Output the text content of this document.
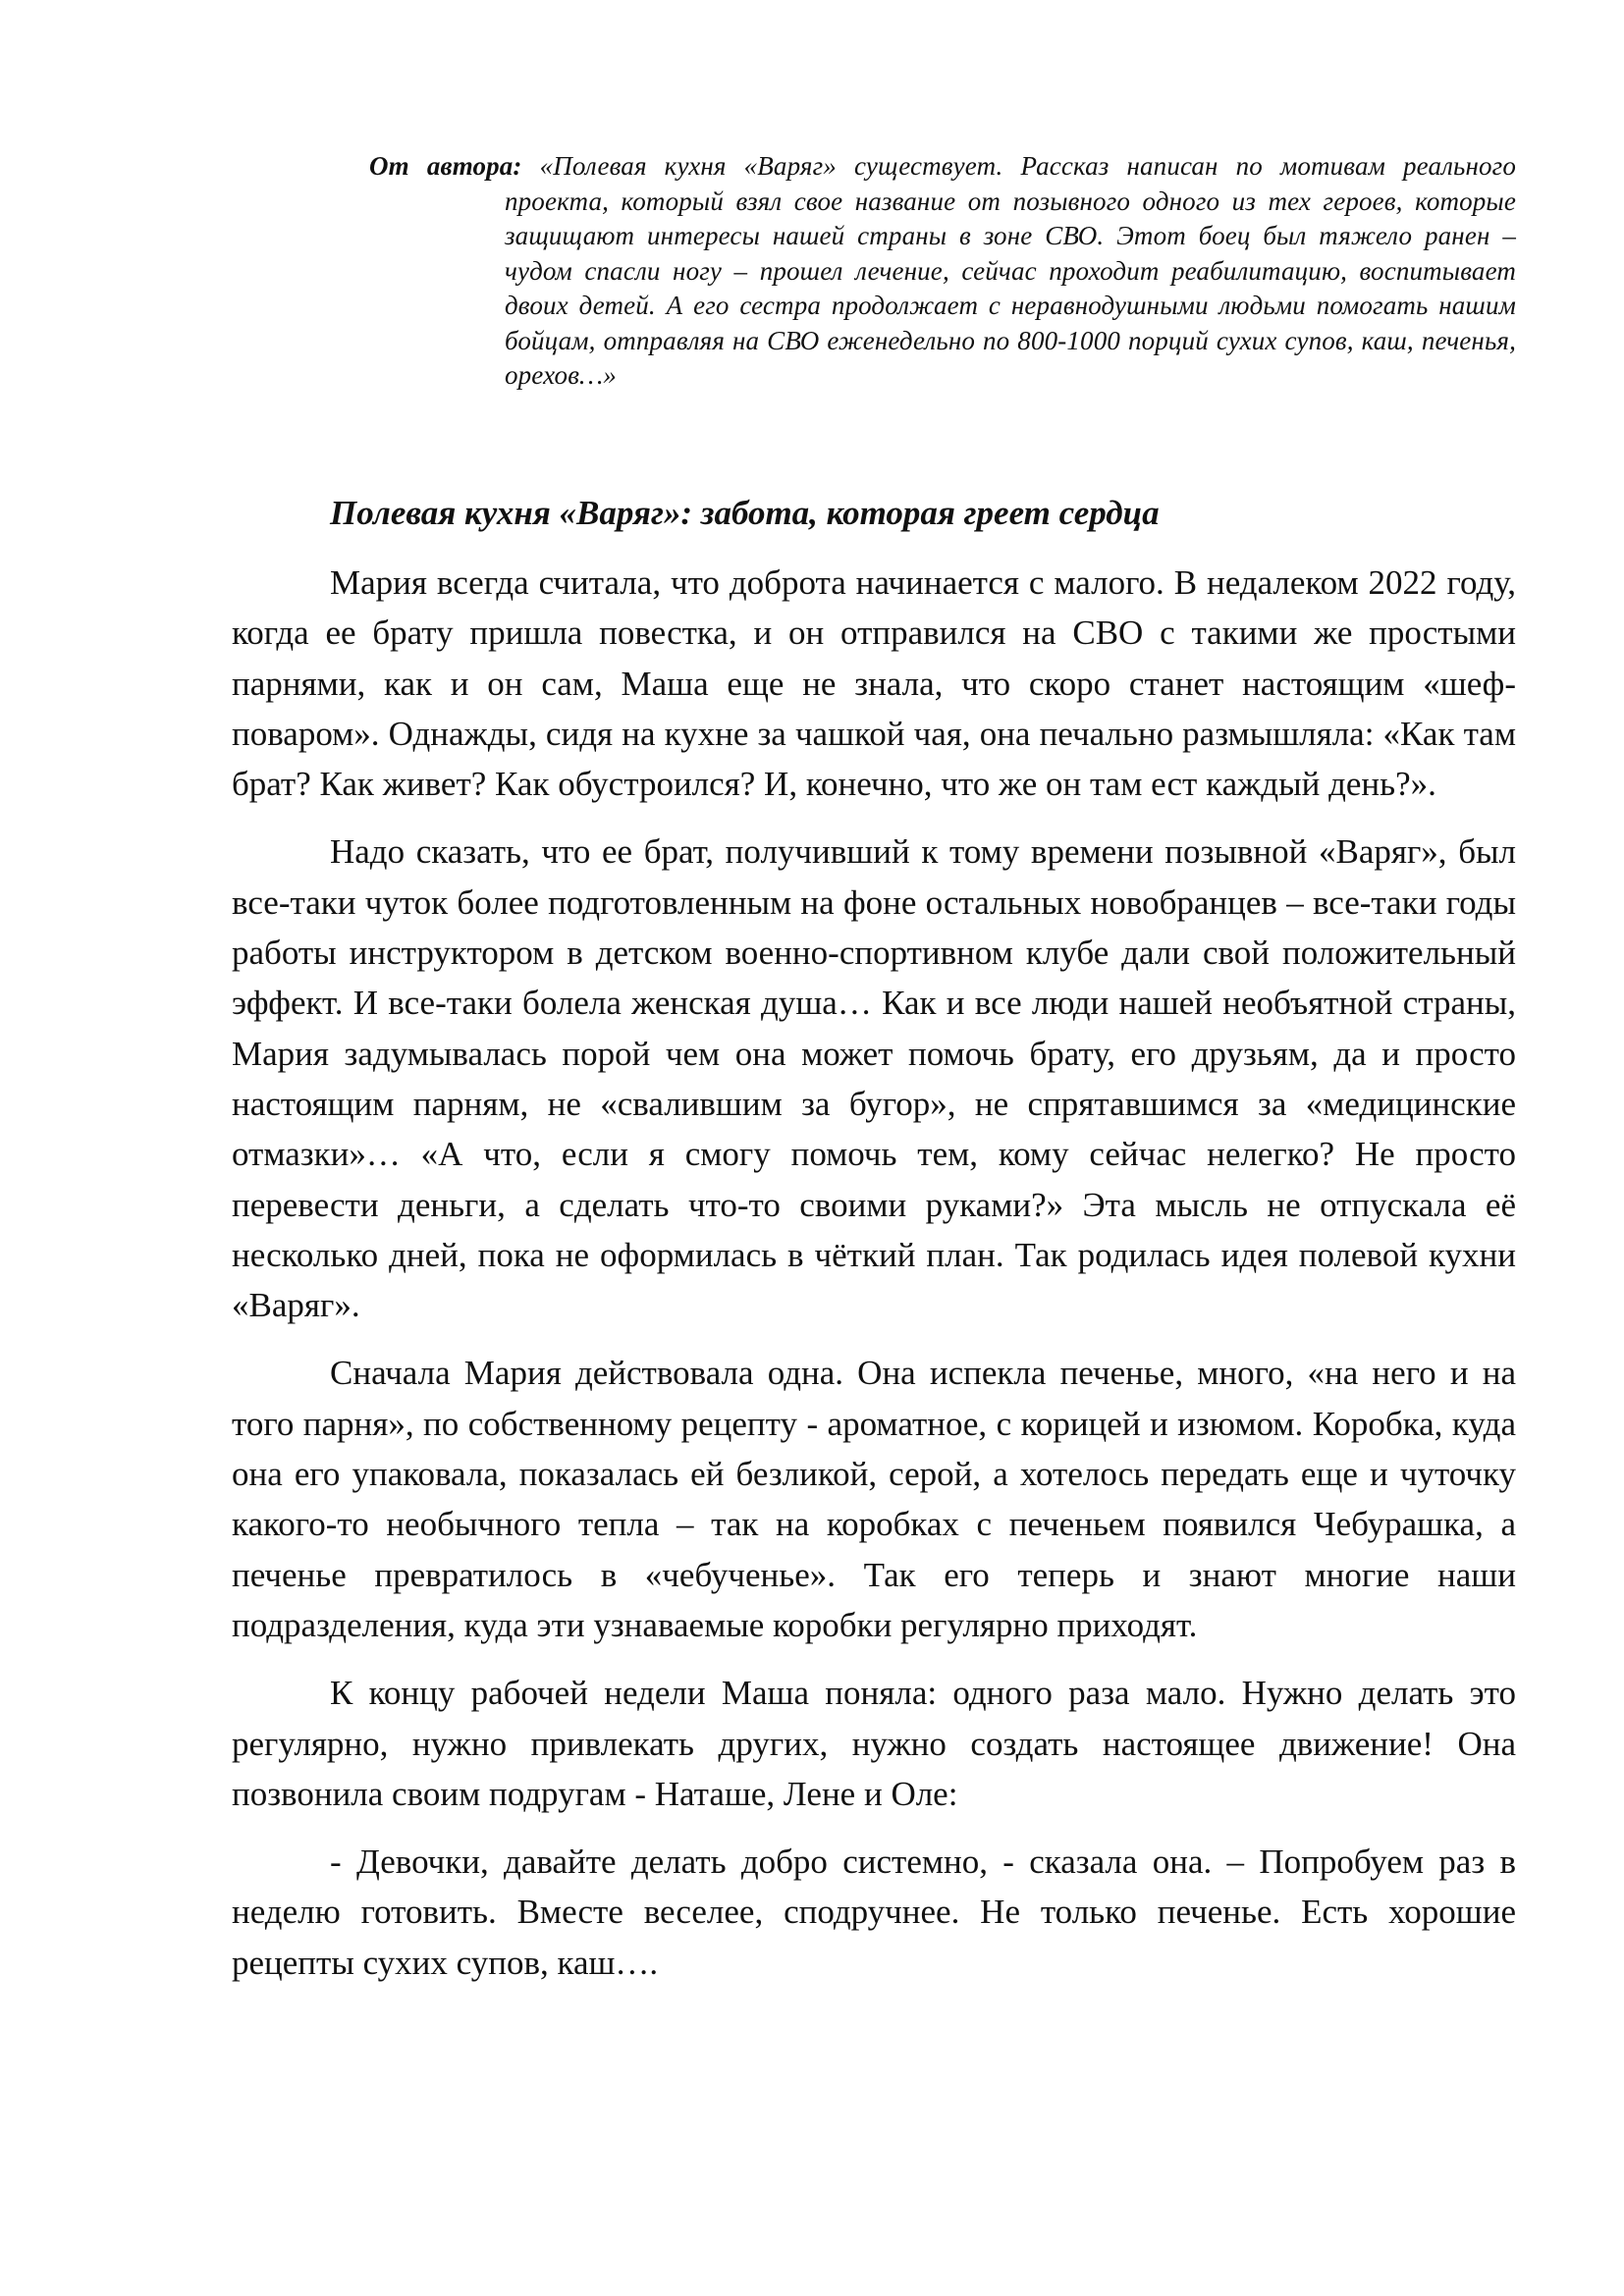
От автора: «Полевая кухня «Варяг» существует. Рассказ написан по мотивам реального проекта, который взял свое название от позывного одного из тех героев, которые защищают интересы нашей страны в зоне СВО. Этот боец был тяжело ранен – чудом спасли ногу – прошел лечение, сейчас проходит реабилитацию, воспитывает двоих детей. А его сестра продолжает с неравнодушными людьми помогать нашим бойцам, отправляя на СВО еженедельно по 800-1000 порций сухих супов, каш, печенья, орехов…»

Полевая кухня «Варяг»: забота, которая греет сердца

Мария всегда считала, что доброта начинается с малого. В недалеком 2022 году, когда ее брату пришла повестка, и он отправился на СВО с такими же простыми парнями, как и он сам, Маша еще не знала, что скоро станет настоящим «шеф-поваром». Однажды, сидя на кухне за чашкой чая, она печально размышляла: «Как там брат? Как живет? Как обустроился? И, конечно, что же он там ест каждый день?».

Надо сказать, что ее брат, получивший к тому времени позывной «Варяг», был все-таки чуток более подготовленным на фоне остальных новобранцев – все-таки годы работы инструктором в детском военно-спортивном клубе дали свой положительный эффект. И все-таки болела женская душа… Как и все люди нашей необъятной страны, Мария задумывалась порой чем она может помочь брату, его друзьям, да и просто настоящим парням, не «свалившим за бугор», не спрятавшимся за «медицинские отмазки»… «А что, если я смогу помочь тем, кому сейчас нелегко? Не просто перевести деньги, а сделать что-то своими руками?» Эта мысль не отпускала её несколько дней, пока не оформилась в чёткий план. Так родилась идея полевой кухни «Варяг».

Сначала Мария действовала одна. Она испекла печенье, много, «на него и на того парня», по собственному рецепту - ароматное, с корицей и изюмом. Коробка, куда она его упаковала, показалась ей безликой, серой, а хотелось передать еще и чуточку какого-то необычного тепла – так на коробках с печеньем появился Чебурашка, а печенье превратилось в «чебученье». Так его теперь и знают многие наши подразделения, куда эти узнаваемые коробки регулярно приходят.

К концу рабочей недели Маша поняла: одного раза мало. Нужно делать это регулярно, нужно привлекать других, нужно создать настоящее движение! Она позвонила своим подругам - Наташе, Лене и Оле:

- Девочки, давайте делать добро системно, - сказала она. – Попробуем раз в неделю готовить. Вместе веселее, сподручнее. Не только печенье. Есть хорошие рецепты сухих супов, каш….
